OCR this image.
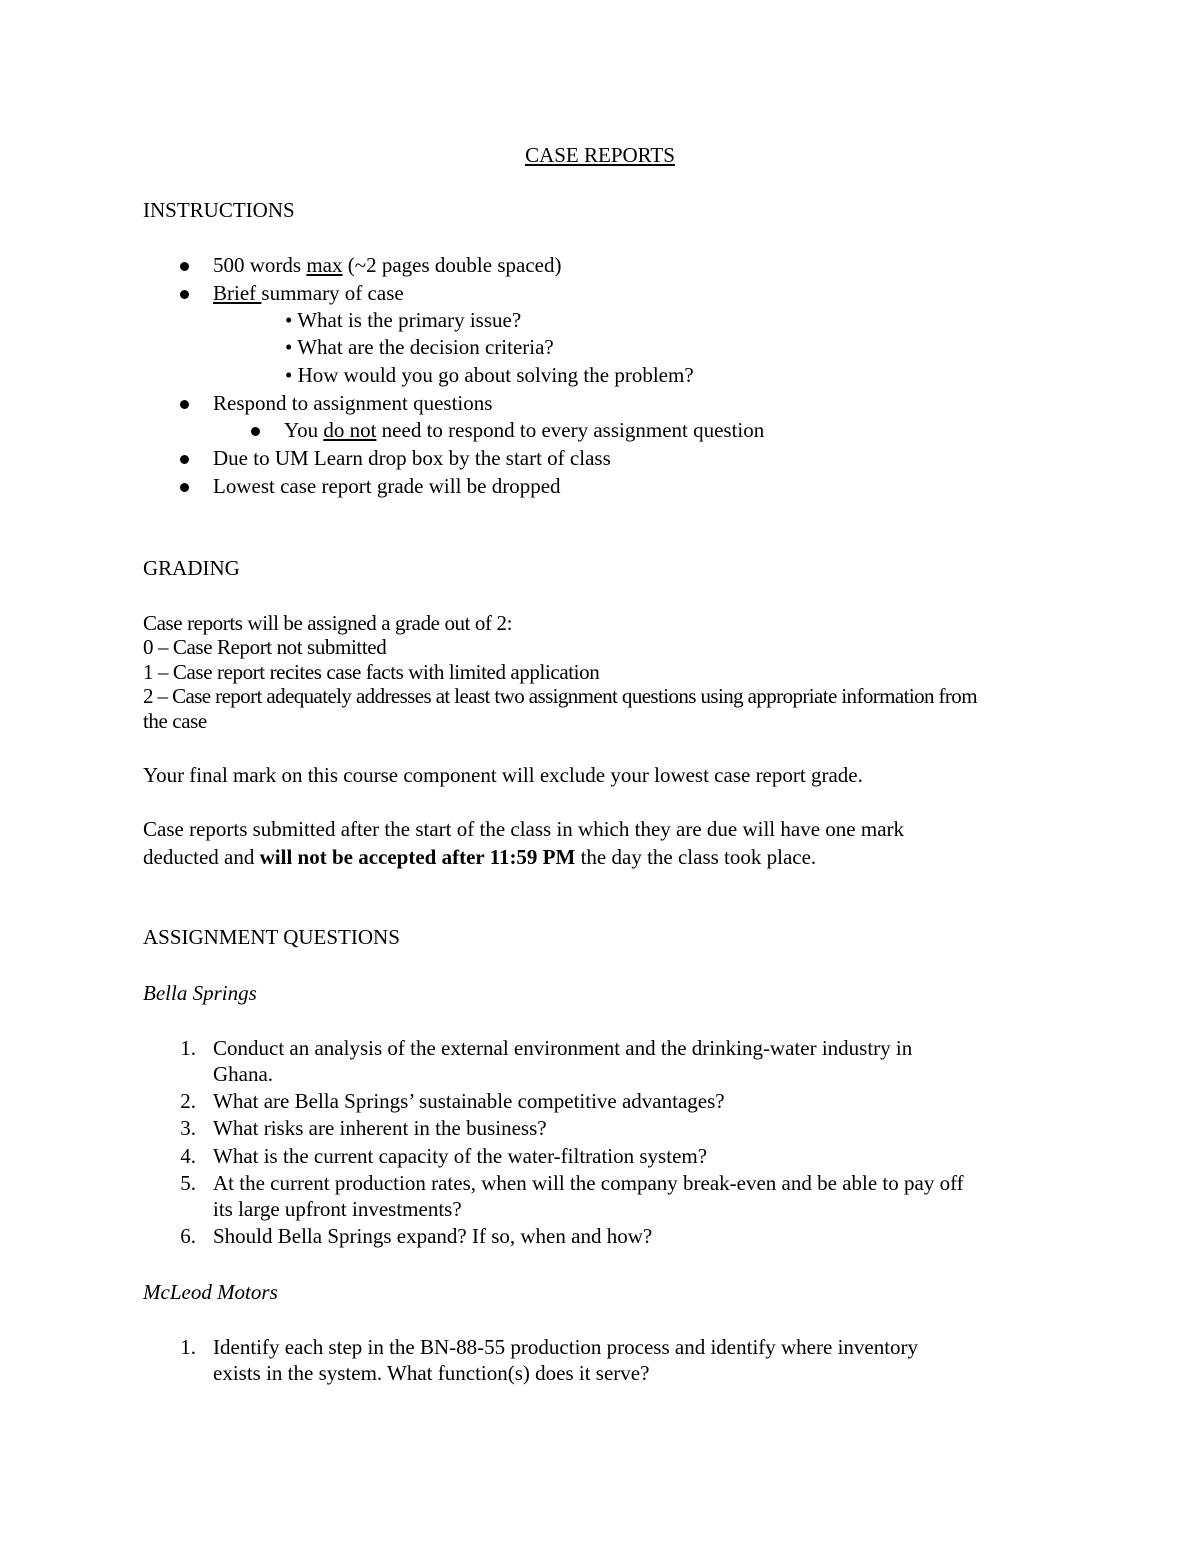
CASE REPORTS
INSTRUCTIONS
500 words max (~2 pages double spaced)
Brief summary of case
• What is the primary issue?
• What are the decision criteria?
• How would you go about solving the problem?
Respond to assignment questions
You do not need to respond to every assignment question
Due to UM Learn drop box by the start of class
Lowest case report grade will be dropped
GRADING
Case reports will be assigned a grade out of 2:
0 – Case Report not submitted
1 – Case report recites case facts with limited application
2 – Case report adequately addresses at least two assignment questions using appropriate information from
the case
Your final mark on this course component will exclude your lowest case report grade.
Case reports submitted after the start of the class in which they are due will have one mark
deducted and will not be accepted after 11:59 PM the day the class took place.
ASSIGNMENT QUESTIONS
Bella Springs
1. Conduct an analysis of the external environment and the drinking-water industry in
Ghana.
2. What are Bella Springs’ sustainable competitive advantages?
3. What risks are inherent in the business?
4. What is the current capacity of the water-filtration system?
5. At the current production rates, when will the company break-even and be able to pay off
its large upfront investments?
6. Should Bella Springs expand? If so, when and how?
McLeod Motors
1. Identify each step in the BN-88-55 production process and identify where inventory
exists in the system. What function(s) does it serve?
